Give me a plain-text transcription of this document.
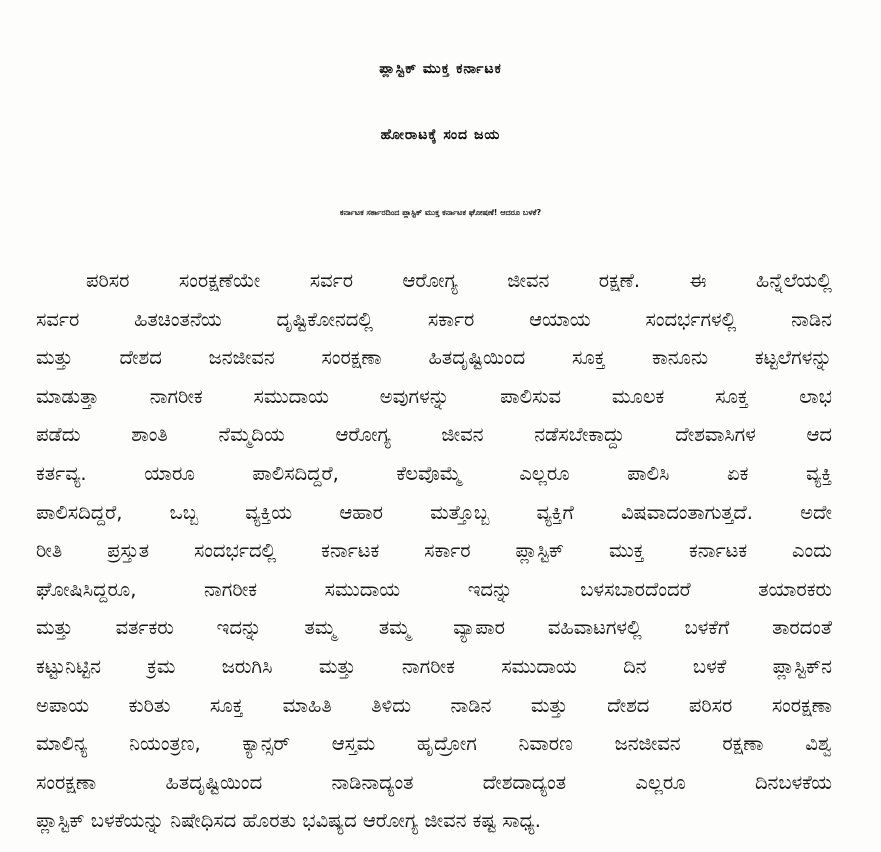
ಪ್ಲಾಸ್ಟಿಕ್ ಮುಕ್ತ ಕರ್ನಾಟಕ
ಹೋರಾಟಕ್ಕೆ ಸಂದ ಜಯ
ಕರ್ನಾಟಕ ಸರ್ಕಾರದಿಂದ ಪ್ಲಾಸ್ಟಿಕ್ ಮುಕ್ತ ಕರ್ನಾಟಕ ಘೋಷಣೆ! ಆದರೂ ಬಳಕೆ?
ಪರಿಸರ ಸಂರಕ್ಷಣೆಯೇ ಸರ್ವರ ಆರೋಗ್ಯ ಜೀವನ ರಕ್ಷಣೆ. ಈ ಹಿನ್ನೆಲೆಯಲ್ಲಿ
ಸರ್ವರ ಹಿತಚಿಂತನೆಯ ದೃಷ್ಟಿಕೋನದಲ್ಲಿ ಸರ್ಕಾರ ಆಯಾಯ ಸಂದರ್ಭಗಳಲ್ಲಿ ನಾಡಿನ
ಮತ್ತು ದೇಶದ ಜನಜೀವನ ಸಂರಕ್ಷಣಾ ಹಿತದೃಷ್ಟಿಯಿಂದ ಸೂಕ್ತ ಕಾನೂನು ಕಟ್ಟಲೆಗಳನ್ನು
ಮಾಡುತ್ತಾ ನಾಗರೀಕ ಸಮುದಾಯ ಅವುಗಳನ್ನು ಪಾಲಿಸುವ ಮೂಲಕ ಸೂಕ್ತ ಲಾಭ
ಪಡೆದು ಶಾಂತಿ ನೆಮ್ಮದಿಯ ಆರೋಗ್ಯ ಜೀವನ ನಡೆಸಬೇಕಾದ್ದು ದೇಶವಾಸಿಗಳ ಆದ
ಕರ್ತವ್ಯ. ಯಾರೂ ಪಾಲಿಸದಿದ್ದರೆ, ಕೆಲವೊಮ್ಮೆ ಎಲ್ಲರೂ ಪಾಲಿಸಿ ಏಕ ವ್ಯಕ್ತಿ
ಪಾಲಿಸದಿದ್ದರೆ, ಒಬ್ಬ ವ್ಯಕ್ತಿಯ ಆಹಾರ ಮತ್ತೊಬ್ಬ ವ್ಯಕ್ತಿಗೆ ವಿಷವಾದಂತಾಗುತ್ತದೆ. ಅದೇ
ರೀತಿ ಪ್ರಸ್ತುತ ಸಂದರ್ಭದಲ್ಲಿ ಕರ್ನಾಟಕ ಸರ್ಕಾರ ಪ್ಲಾಸ್ಟಿಕ್ ಮುಕ್ತ ಕರ್ನಾಟಕ ಎಂದು
ಘೋಷಿಸಿದ್ದರೂ, ನಾಗರೀಕ ಸಮುದಾಯ ಇದನ್ನು ಬಳಸಬಾರದೆಂದರೆ ತಯಾರಕರು
ಮತ್ತು ವರ್ತಕರು ಇದನ್ನು ತಮ್ಮ ತಮ್ಮ ವ್ಯಾಪಾರ ವಹಿವಾಟಗಳಲ್ಲಿ ಬಳಕೆಗೆ ತಾರದಂತೆ
ಕಟ್ಟುನಿಟ್ಟಿನ ಕ್ರಮ ಜರುಗಿಸಿ ಮತ್ತು ನಾಗರೀಕ ಸಮುದಾಯ ದಿನ ಬಳಕೆ ಪ್ಲಾಸ್ಟಿಕ್‌ನ
ಅಪಾಯ ಕುರಿತು ಸೂಕ್ತ ಮಾಹಿತಿ ತಿಳಿದು ನಾಡಿನ ಮತ್ತು ದೇಶದ ಪರಿಸರ ಸಂರಕ್ಷಣಾ
ಮಾಲಿನ್ಯ ನಿಯಂತ್ರಣ, ಕ್ಯಾನ್ಸರ್ ಆಸ್ತಮ ಹೃದ್ರೋಗ ನಿವಾರಣ ಜನಜೀವನ ರಕ್ಷಣಾ ವಿಶ್ವ
ಸಂರಕ್ಷಣಾ ಹಿತದೃಷ್ಟಿಯಿಂದ ನಾಡಿನಾದ್ಯಂತ ದೇಶದಾದ್ಯಂತ ಎಲ್ಲರೂ ದಿನಬಳಕೆಯ
ಪ್ಲಾಸ್ಟಿಕ್ ಬಳಕೆಯನ್ನು ನಿಷೇಧಿಸದ ಹೊರತು ಭವಿಷ್ಯದ ಆರೋಗ್ಯ ಜೀವನ ಕಷ್ಟ ಸಾಧ್ಯ.
